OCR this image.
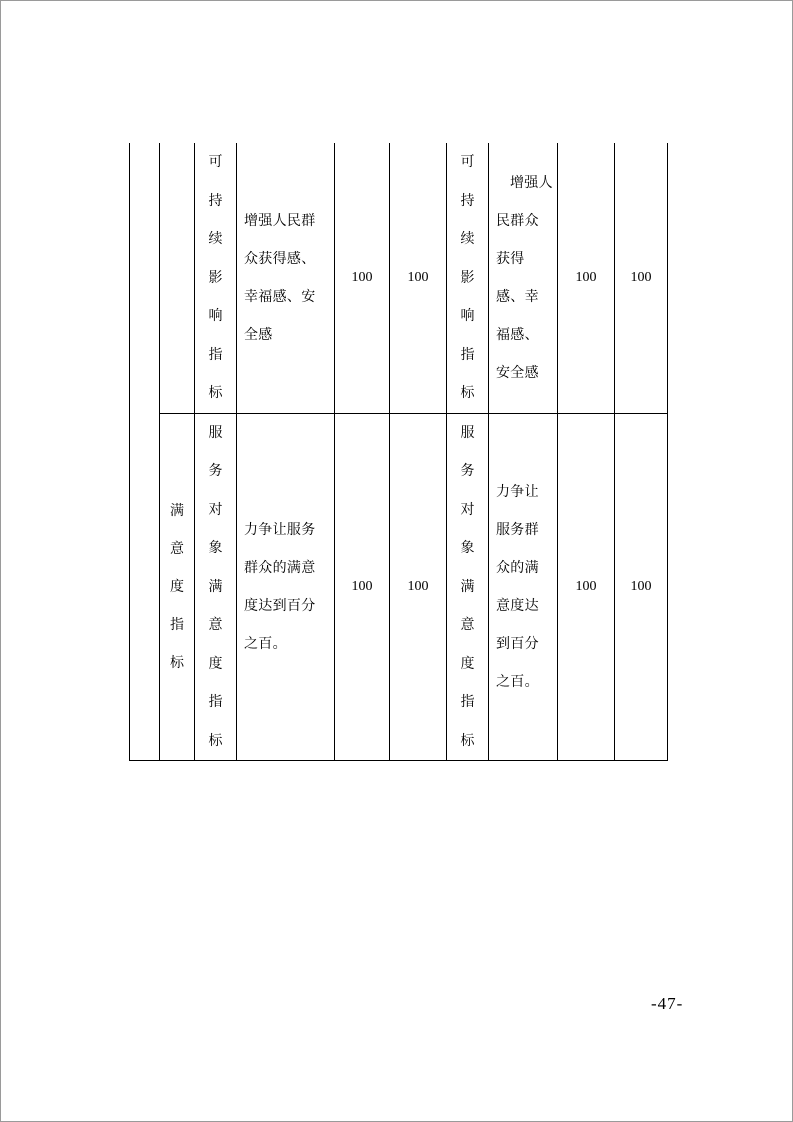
		可持续影响指标	增强人民群众获得感、幸福感、安全感	100	100	可持续影响指标	增强人民群众获得感、幸福感、安全感	100	100

	满意度指标	服务对象满意度指标	力争让服务群众的满意度达到百分之百。	100	100	服务对象满意度指标	力争让服务群众的满意度达到百分之百。	100	100
-47-
